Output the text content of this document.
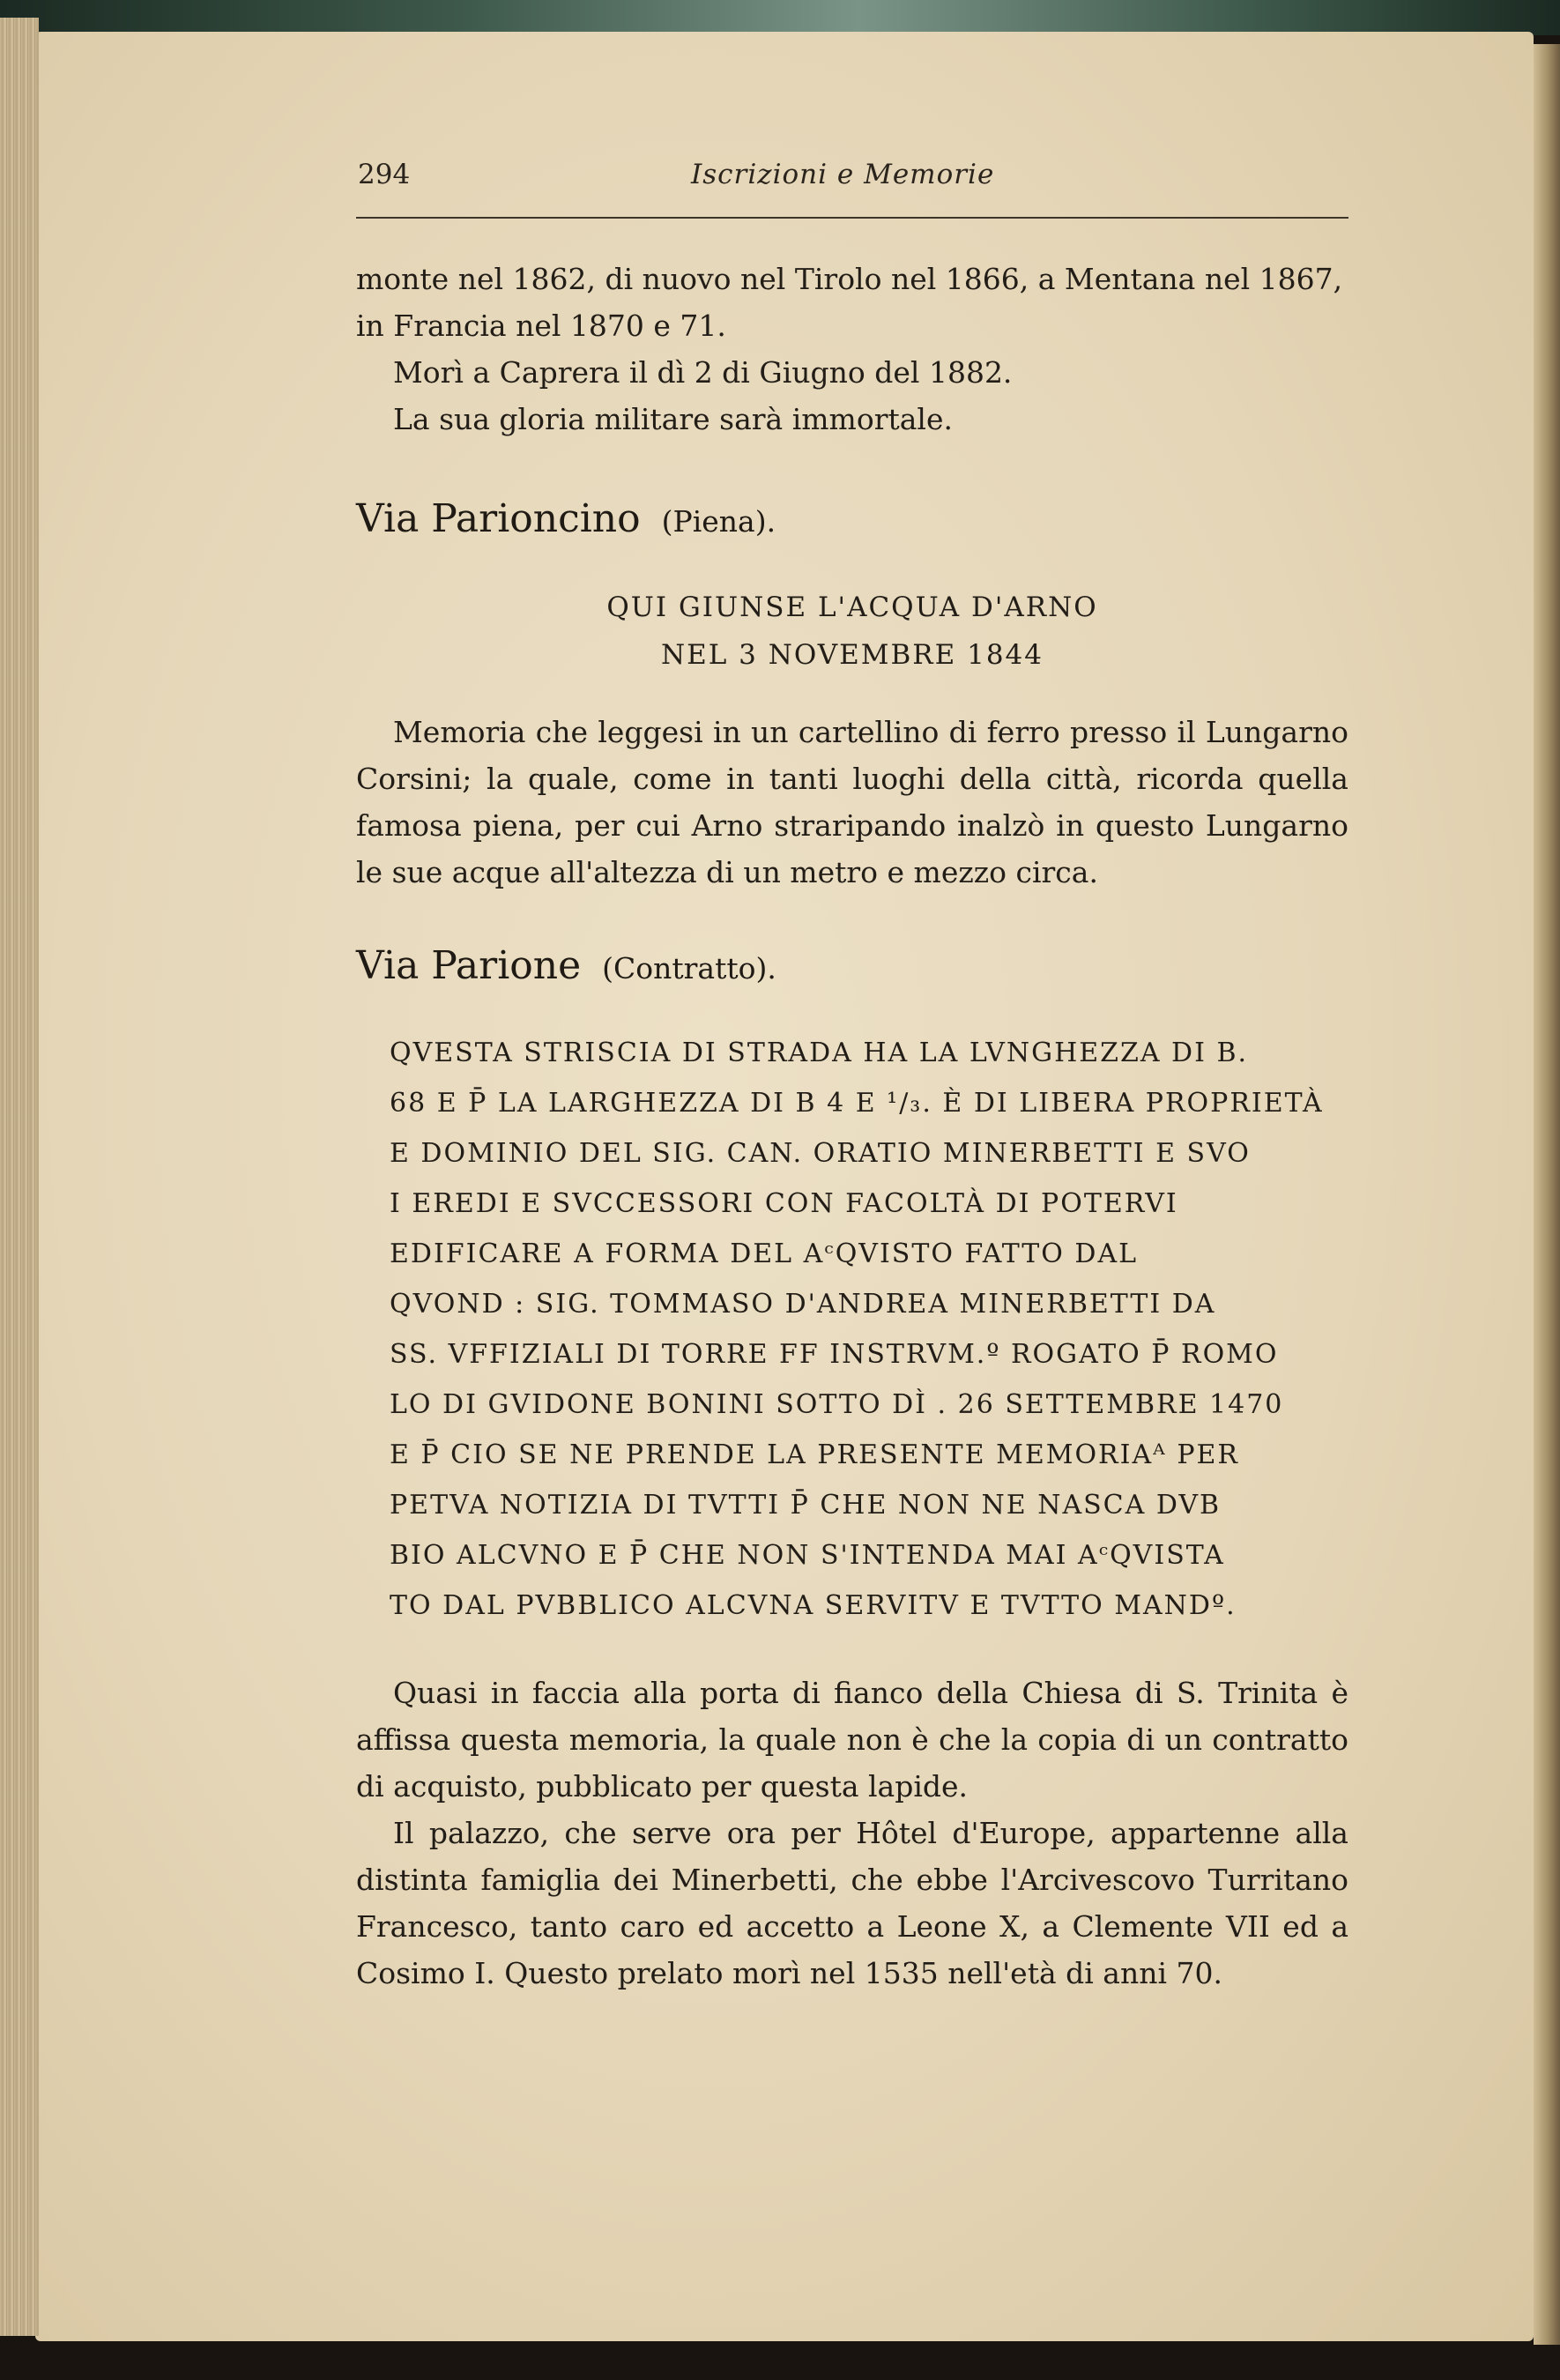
294	Iscrizioni e Memorie

monte nel 1862, di nuovo nel Tirolo nel 1866, a Mentana nel 1867,

in Francia nel 1870 e 71.

Morì a Caprera il dì 2 di Giugno del 1882.

La sua gloria militare sarà immortale.

Via Parioncino (Piena).
QUI GIUNSE L'ACQUA D'ARNO
NEL 3 NOVEMBRE 1844

Memoria che leggesi in un cartellino di ferro presso il Lungarno Corsini; la quale, come in tanti luoghi della città, ricorda quella famosa piena, per cui Arno straripando inalzò in questo Lungarno le sue acque all'altezza di un metro e mezzo circa.

Via Parione (Contratto).
QVESTA STRISCIA DI STRADA HA LA LVNGHEZZA DI B.
68 E P̄ LA LARGHEZZA DI B 4 E ¹/₃. È DI LIBERA PROPRIETÀ
E DOMINIO DEL SIG. CAN. ORATIO MINERBETTI E SVO
I EREDI E SVCCESSORI CON FACOLTÀ DI POTERVI
EDIFICARE A FORMA DEL AᶜQVISTO FATTO DAL
QVOND : SIG. TOMMASO D'ANDREA MINERBETTI DA
SS. VFFIZIALI DI TORRE FF INSTRVM.º ROGATO P̄ ROMO
LO DI GVIDONE BONINI SOTTO DÌ . 26 SETTEMBRE 1470
E P̄ CIO SE NE PRENDE LA PRESENTE MEMORIAᴬ PER
PETVA NOTIZIA DI TVTTI P̄ CHE NON NE NASCA DVB
BIO ALCVNO E P̄ CHE NON S'INTENDA MAI AᶜQVISTA
TO DAL PVBBLICO ALCVNA SERVITV E TVTTO MANDº.

Quasi in faccia alla porta di fianco della Chiesa di S. Trinita è affissa questa memoria, la quale non è che la copia di un contratto di acquisto, pubblicato per questa lapide.

Il palazzo, che serve ora per Hôtel d'Europe, appartenne alla distinta famiglia dei Minerbetti, che ebbe l'Arcivescovo Turritano Francesco, tanto caro ed accetto a Leone X, a Clemente VII ed a Cosimo I. Questo prelato morì nel 1535 nell'età di anni 70.
